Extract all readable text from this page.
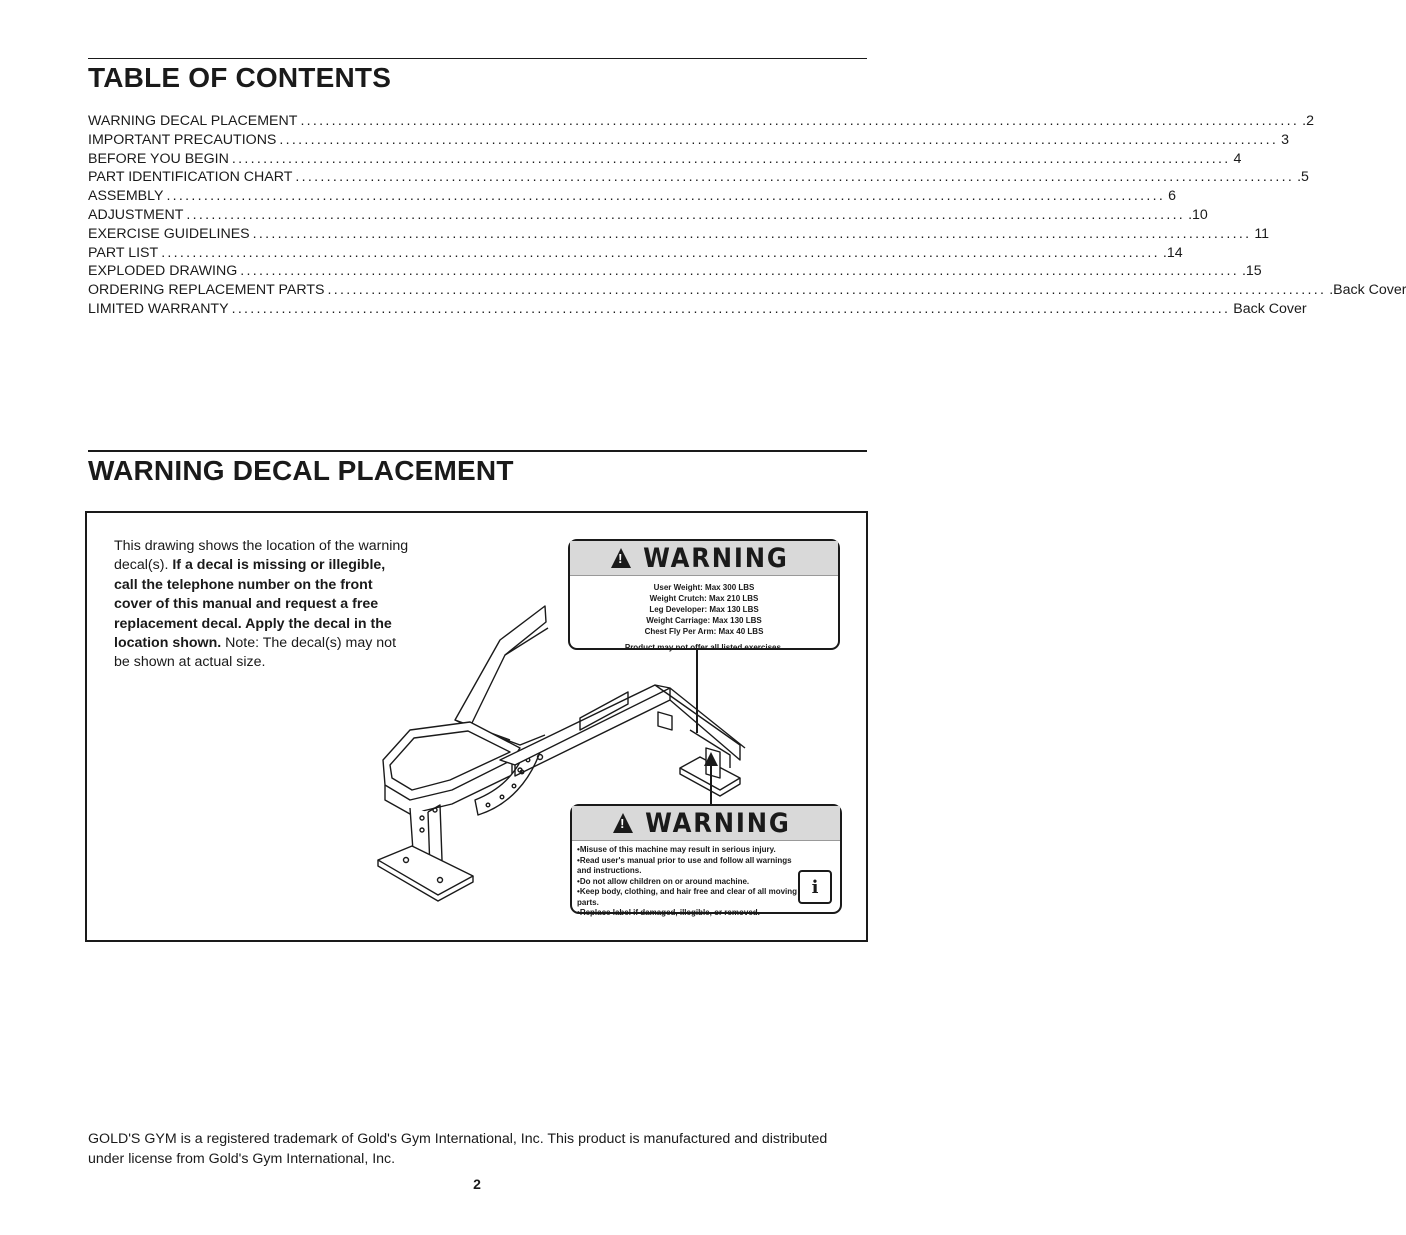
TABLE OF CONTENTS
WARNING DECAL PLACEMENT ................................................................................................................................................................ .2
IMPORTANT PRECAUTIONS ................................................................................................................................................................ 3
BEFORE YOU BEGIN ................................................................................................................................................................ 4
PART IDENTIFICATION CHART ................................................................................................................................................................ .5
ASSEMBLY ................................................................................................................................................................ 6
ADJUSTMENT ................................................................................................................................................................ .10
EXERCISE GUIDELINES ................................................................................................................................................................ 11
PART LIST ................................................................................................................................................................ .14
EXPLODED DRAWING ................................................................................................................................................................ .15
ORDERING REPLACEMENT PARTS ................................................................................................................................................................ .Back Cover
LIMITED WARRANTY ................................................................................................................................................................ Back Cover
WARNING DECAL PLACEMENT
This drawing shows the location of the warning decal(s). If a decal is missing or illegible, call the telephone number on the front cover of this manual and request a free replacement decal. Apply the decal in the location shown. Note: The decal(s) may not be shown at actual size.
! WARNING
User Weight: Max 300 LBS
Weight Crutch: Max 210 LBS
Leg Developer: Max 130 LBS
Weight Carriage: Max 130 LBS
Chest Fly Per Arm: Max 40 LBS
Product may not offer all listed exercises.
! WARNING
• Misuse of this machine may result in serious injury.
• Read user's manual prior to use and follow all warnings and instructions.
• Do not allow children on or around machine.
• Keep body, clothing, and hair free and clear of all moving parts.
• Replace label if damaged, illegible, or removed.
i
GOLD'S GYM is a registered trademark of Gold's Gym International, Inc. This product is manufactured and distributed under license from Gold's Gym International, Inc.
2
